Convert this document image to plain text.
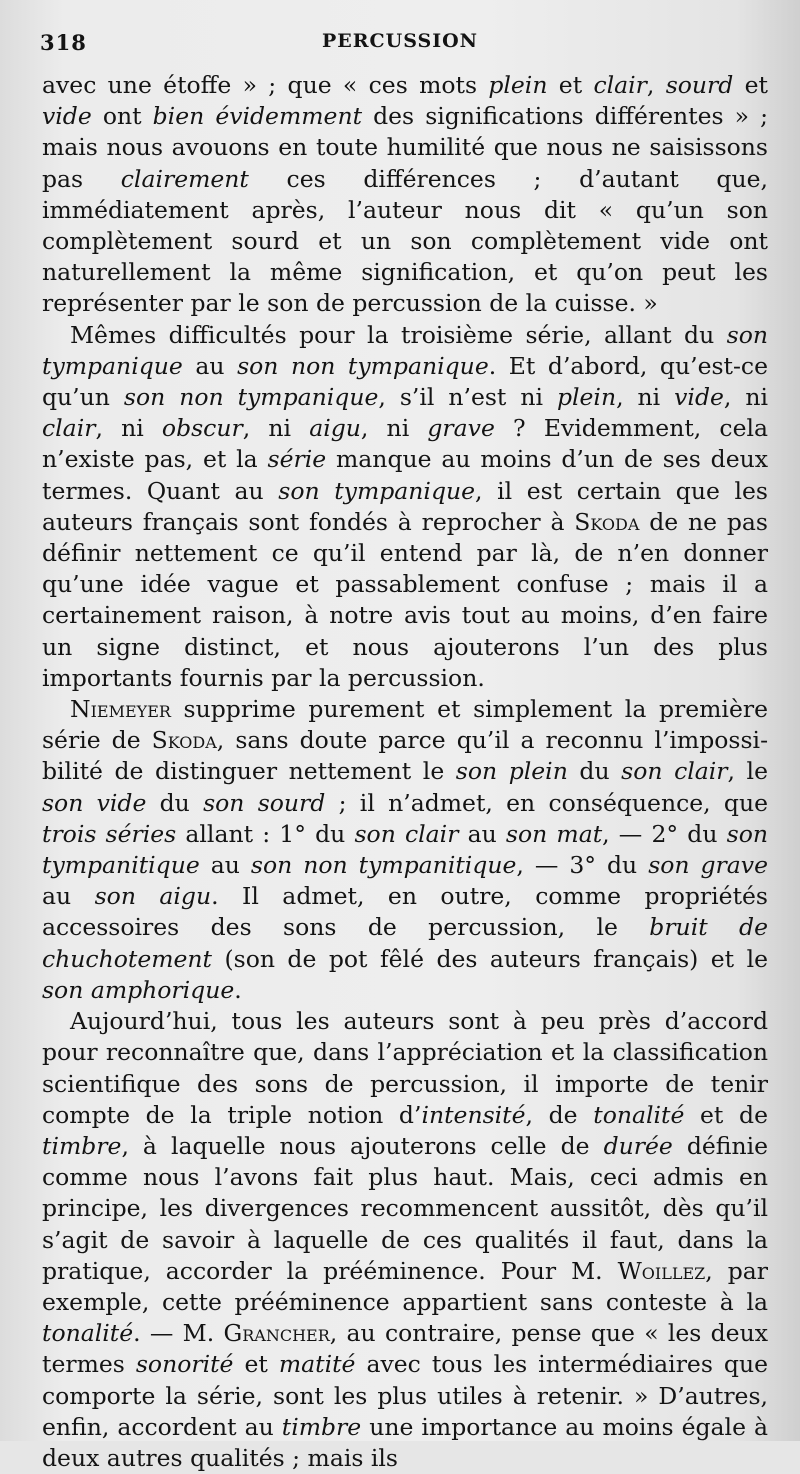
318	PERCUSSION

avec une étoffe » ; que « ces mots plein et clair, sourd et vide ont bien évidemment des significations différentes » ; mais nous avouons en toute humilité que nous ne saisissons pas clairement ces différences ; d’autant que, immédiatement après, l’auteur nous dit « qu’un son complètement sourd et un son complètement vide ont naturellement la même signification, et qu’on peut les représenter par le son de percussion de la cuisse. »

Mêmes difficultés pour la troisième série, allant du son tympanique au son non tympanique. Et d’abord, qu’est-ce qu’un son non tympanique, s’il n’est ni plein, ni vide, ni clair, ni obscur, ni aigu, ni grave ? Evidemment, cela n’existe pas, et la série manque au moins d’un de ses deux termes. Quant au son tympanique, il est certain que les auteurs français sont fondés à reprocher à Skoda de ne pas définir nettement ce qu’il entend par là, de n’en donner qu’une idée vague et passablement confuse ; mais il a certainement raison, à notre avis tout au moins, d’en faire un signe distinct, et nous ajouterons l’un des plus importants fournis par la percussion.

Niemeyer supprime purement et simplement la première série de Skoda, sans doute parce qu’il a reconnu l’impossibilité de distinguer nettement le son plein du son clair, le son vide du son sourd ; il n’admet, en conséquence, que trois séries allant : 1° du son clair au son mat, — 2° du son tympanitique au son non tympanitique, — 3° du son grave au son aigu. Il admet, en outre, comme propriétés accessoires des sons de percussion, le bruit de chuchotement (son de pot fêlé des auteurs français) et le son amphorique.

Aujourd’hui, tous les auteurs sont à peu près d’accord pour reconnaître que, dans l’appréciation et la classification scientifique des sons de percussion, il importe de tenir compte de la triple notion d’intensité, de tonalité et de timbre, à laquelle nous ajouterons celle de durée définie comme nous l’avons fait plus haut. Mais, ceci admis en principe, les divergences recommencent aussitôt, dès qu’il s’agit de savoir à laquelle de ces qualités il faut, dans la pratique, accorder la prééminence. Pour M. Woillez, par exemple, cette prééminence appartient sans conteste à la tonalité. — M. Grancher, au contraire, pense que « les deux termes sonorité et matité avec tous les intermédiaires que comporte la série, sont les plus utiles à retenir. » D’autres, enfin, accordent au timbre une importance au moins égale à deux autres qualités ; mais ils
